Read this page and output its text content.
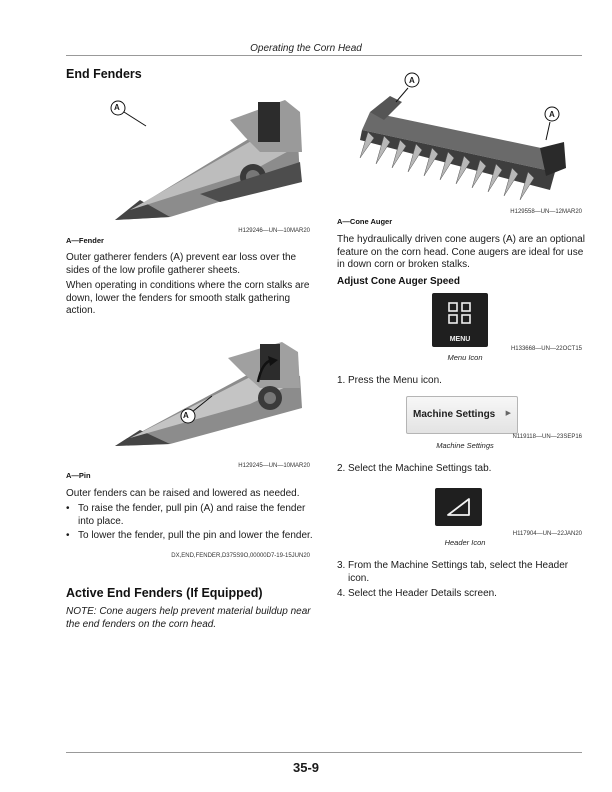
Operating the Corn Head
End Fenders
A
H129246—UN—10MAR20
A—Fender
Outer gatherer fenders (A) prevent ear loss over the sides of the low profile gatherer sheets.
When operating in conditions where the corn stalks are down, lower the fenders for smooth stalk gathering action.
A
H129245—UN—10MAR20
A—Pin
Outer fenders can be raised and lowered as needed.
• To raise the fender, pull pin (A) and raise the fender into place.
• To lower the fender, pull the pin and lower the fender.
DX,END,FENDER,D375S9O,00000D7-19-15JUN20
Active End Fenders (If Equipped)
NOTE: Cone augers help prevent material buildup near the end fenders on the corn head.
A
A
H129558—UN—12MAR20
A—Cone Auger
The hydraulically driven cone augers (A) are an optional feature on the corn head. Cone augers are ideal for use in down corn or broken stalks.
Adjust Cone Auger Speed
MENU
H133668—UN—22OCT15
Menu Icon
1. Press the Menu icon.
Machine Settings ▶
N119118—UN—23SEP16
Machine Settings
2. Select the Machine Settings tab.
H117904—UN—22JAN20
Header Icon
3. From the Machine Settings tab, select the Header icon.
4. Select the Header Details screen.
35-9
